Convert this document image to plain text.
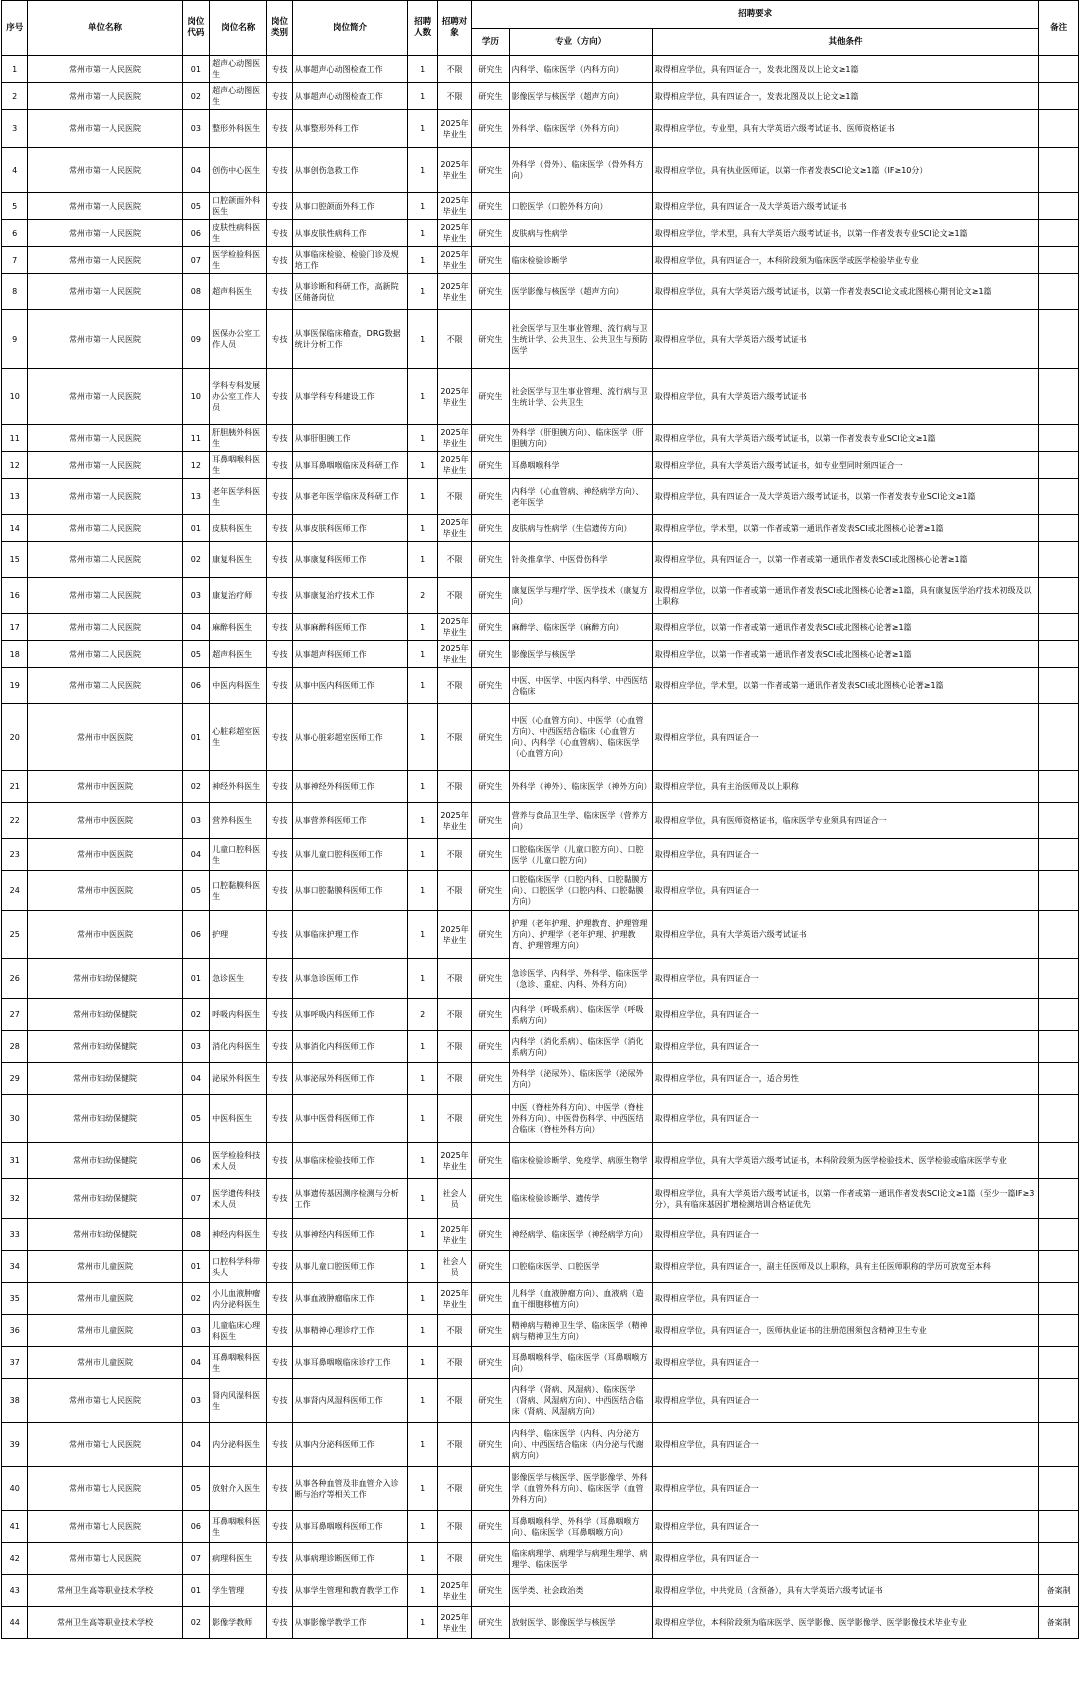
序号	单位名称	岗位代码	岗位名称	岗位类别	岗位简介	招聘人数	招聘对象	招聘要求			备注
								学历	专业（方向）	其他条件	
1	常州市第一人民医院	01	超声心动图医生	专技	从事超声心动图检查工作	1	不限	研究生	内科学、临床医学（内科方向）	取得相应学位，具有四证合一，发表北图及以上论文≥1篇	
2	常州市第一人民医院	02	超声心动图医生	专技	从事超声心动图检查工作	1	不限	研究生	影像医学与核医学（超声方向）	取得相应学位，具有四证合一，发表北图及以上论文≥1篇	
3	常州市第一人民医院	03	整形外科医生	专技	从事整形外科工作	1	2025年毕业生	研究生	外科学、临床医学（外科方向）	取得相应学位，专业型，具有大学英语六级考试证书、医师资格证书	
4	常州市第一人民医院	04	创伤中心医生	专技	从事创伤急救工作	1	2025年毕业生	研究生	外科学（骨外）、临床医学（骨外科方向）	取得相应学位，具有执业医师证，以第一作者发表SCI论文≥1篇（IF≥10分）	
5	常州市第一人民医院	05	口腔颌面外科医生	专技	从事口腔颌面外科工作	1	2025年毕业生	研究生	口腔医学（口腔外科方向）	取得相应学位，具有四证合一及大学英语六级考试证书	
6	常州市第一人民医院	06	皮肤性病科医生	专技	从事皮肤性病科工作	1	2025年毕业生	研究生	皮肤病与性病学	取得相应学位，学术型，具有大学英语六级考试证书，以第一作者发表专业SCI论文≥1篇	
7	常州市第一人民医院	07	医学检验科医生	专技	从事临床检验、检验门诊及规培工作	1	2025年毕业生	研究生	临床检验诊断学	取得相应学位，具有四证合一，本科阶段须为临床医学或医学检验毕业专业	
8	常州市第一人民医院	08	超声科医生	专技	从事诊断和科研工作，高新院区储备岗位	1	2025年毕业生	研究生	医学影像与核医学（超声方向）	取得相应学位，具有大学英语六级考试证书，以第一作者发表SCI论文或北图核心期刊论文≥1篇	
9	常州市第一人民医院	09	医保办公室工作人员	专技	从事医保临床稽查，DRG数据统计分析工作	1	不限	研究生	社会医学与卫生事业管理、流行病与卫生统计学、公共卫生、公共卫生与预防医学	取得相应学位，具有大学英语六级考试证书	
10	常州市第一人民医院	10	学科专科发展办公室工作人员	专技	从事学科专科建设工作	1	2025年毕业生	研究生	社会医学与卫生事业管理、流行病与卫生统计学、公共卫生	取得相应学位，具有大学英语六级考试证书	
11	常州市第一人民医院	11	肝胆胰外科医生	专技	从事肝胆胰工作	1	2025年毕业生	研究生	外科学（肝胆胰方向）、临床医学（肝胆胰方向）	取得相应学位，具有大学英语六级考试证书，以第一作者发表专业SCI论文≥1篇	
12	常州市第一人民医院	12	耳鼻咽喉科医生	专技	从事耳鼻咽喉临床及科研工作	1	2025年毕业生	研究生	耳鼻咽喉科学	取得相应学位，具有大学英语六级考试证书，如专业型同时须四证合一	
13	常州市第一人民医院	13	老年医学科医生	专技	从事老年医学临床及科研工作	1	不限	研究生	内科学（心血管病、神经病学方向）、老年医学	取得相应学位，具有四证合一及大学英语六级考试证书，以第一作者发表专业SCI论文≥1篇	
14	常州市第二人民医院	01	皮肤科医生	专技	从事皮肤科医师工作	1	2025年毕业生	研究生	皮肤病与性病学（生信遗传方向）	取得相应学位，学术型，以第一作者或第一通讯作者发表SCI或北图核心论著≥1篇	
15	常州市第二人民医院	02	康复科医生	专技	从事康复科医师工作	1	不限	研究生	针灸推拿学、中医骨伤科学	取得相应学位，具有四证合一，以第一作者或第一通讯作者发表SCI或北图核心论著≥1篇	
16	常州市第二人民医院	03	康复治疗师	专技	从事康复治疗技术工作	2	不限	研究生	康复医学与理疗学、医学技术（康复方向）	取得相应学位，以第一作者或第一通讯作者发表SCI或北图核心论著≥1篇，具有康复医学治疗技术初级及以上职称	
17	常州市第二人民医院	04	麻醉科医生	专技	从事麻醉科医师工作	1	2025年毕业生	研究生	麻醉学、临床医学（麻醉方向）	取得相应学位，以第一作者或第一通讯作者发表SCI或北图核心论著≥1篇	
18	常州市第二人民医院	05	超声科医生	专技	从事超声科医师工作	1	2025年毕业生	研究生	影像医学与核医学	取得相应学位，以第一作者或第一通讯作者发表SCI或北图核心论著≥1篇	
19	常州市第二人民医院	06	中医内科医生	专技	从事中医内科医师工作	1	不限	研究生	中医、中医学、中医内科学、中西医结合临床	取得相应学位，学术型，以第一作者或第一通讯作者发表SCI或北图核心论著≥1篇	
20	常州市中医医院	01	心脏彩超室医生	专技	从事心脏彩超室医师工作	1	不限	研究生	中医（心血管方向）、中医学（心血管方向）、中西医结合临床（心血管方向）、内科学（心血管病）、临床医学（心血管方向）	取得相应学位，具有四证合一	
21	常州市中医医院	02	神经外科医生	专技	从事神经外科医师工作	1	不限	研究生	外科学（神外）、临床医学（神外方向）	取得相应学位，具有主治医师及以上职称	
22	常州市中医医院	03	营养科医生	专技	从事营养科医师工作	1	2025年毕业生	研究生	营养与食品卫生学、临床医学（营养方向）	取得相应学位，具有医师资格证书，临床医学专业须具有四证合一	
23	常州市中医医院	04	儿童口腔科医生	专技	从事儿童口腔科医师工作	1	不限	研究生	口腔临床医学（儿童口腔方向）、口腔医学（儿童口腔方向）	取得相应学位，具有四证合一	
24	常州市中医医院	05	口腔黏膜科医生	专技	从事口腔黏膜科医师工作	1	不限	研究生	口腔临床医学（口腔内科、口腔黏膜方向）、口腔医学（口腔内科、口腔黏膜方向）	取得相应学位，具有四证合一	
25	常州市中医医院	06	护理	专技	从事临床护理工作	1	2025年毕业生	研究生	护理（老年护理、护理教育、护理管理方向）、护理学（老年护理、护理教育、护理管理方向）	取得相应学位，具有大学英语六级考试证书	
26	常州市妇幼保健院	01	急诊医生	专技	从事急诊医师工作	1	不限	研究生	急诊医学、内科学、外科学、临床医学（急诊、重症、内科、外科方向）	取得相应学位，具有四证合一	
27	常州市妇幼保健院	02	呼吸内科医生	专技	从事呼吸内科医师工作	2	不限	研究生	内科学（呼吸系病）、临床医学（呼吸系病方向）	取得相应学位，具有四证合一	
28	常州市妇幼保健院	03	消化内科医生	专技	从事消化内科医师工作	1	不限	研究生	内科学（消化系病）、临床医学（消化系病方向）	取得相应学位，具有四证合一	
29	常州市妇幼保健院	04	泌尿外科医生	专技	从事泌尿外科医师工作	1	不限	研究生	外科学（泌尿外）、临床医学（泌尿外方向）	取得相应学位，具有四证合一，适合男性	
30	常州市妇幼保健院	05	中医科医生	专技	从事中医骨科医师工作	1	不限	研究生	中医（脊柱外科方向）、中医学（脊柱外科方向）、中医骨伤科学、中西医结合临床（脊柱外科方向）	取得相应学位，具有四证合一	
31	常州市妇幼保健院	06	医学检验科技术人员	专技	从事临床检验技师工作	1	2025年毕业生	研究生	临床检验诊断学、免疫学、病原生物学	取得相应学位，具有大学英语六级考试证书，本科阶段须为医学检验技术、医学检验或临床医学专业	
32	常州市妇幼保健院	07	医学遗传科技术人员	专技	从事遗传基因测序检测与分析工作	1	社会人员	研究生	临床检验诊断学、遗传学	取得相应学位，具有大学英语六级考试证书，以第一作者或第一通讯作者发表SCI论文≥1篇（至少一篇IF≥3分），具有临床基因扩增检测培训合格证优先	
33	常州市妇幼保健院	08	神经内科医生	专技	从事神经内科医师工作	1	2025年毕业生	研究生	神经病学、临床医学（神经病学方向）	取得相应学位，具有四证合一	
34	常州市儿童医院	01	口腔科学科带头人	专技	从事儿童口腔医师工作	1	社会人员	研究生	口腔临床医学、口腔医学	取得相应学位，具有四证合一，副主任医师及以上职称，具有主任医师职称的学历可放宽至本科	
35	常州市儿童医院	02	小儿血液肿瘤内分泌科医生	专技	从事血液肿瘤临床工作	1	2025年毕业生	研究生	儿科学（血液肿瘤方向）、血液病（造血干细胞移植方向）	取得相应学位，具有四证合一	
36	常州市儿童医院	03	儿童临床心理科医生	专技	从事精神心理诊疗工作	1	不限	研究生	精神病与精神卫生学、临床医学（精神病与精神卫生方向）	取得相应学位，具有四证合一，医师执业证书的注册范围须包含精神卫生专业	
37	常州市儿童医院	04	耳鼻咽喉科医生	专技	从事耳鼻咽喉临床诊疗工作	1	不限	研究生	耳鼻咽喉科学、临床医学（耳鼻咽喉方向）	取得相应学位，具有四证合一	
38	常州市第七人民医院	03	肾内风湿科医生	专技	从事肾内风湿科医师工作	1	不限	研究生	内科学（肾病、风湿病）、临床医学（肾病、风湿病方向）、中西医结合临床（肾病、风湿病方向）	取得相应学位，具有四证合一	
39	常州市第七人民医院	04	内分泌科医生	专技	从事内分泌科医师工作	1	不限	研究生	内科学、临床医学（内科、内分泌方向）、中西医结合临床（内分泌与代谢病方向）	取得相应学位，具有四证合一	
40	常州市第七人民医院	05	放射介入医生	专技	从事各种血管及非血管介入诊断与治疗等相关工作	1	不限	研究生	影像医学与核医学、医学影像学、外科学（血管外科方向）、临床医学（血管外科方向）	取得相应学位，具有四证合一	
41	常州市第七人民医院	06	耳鼻咽喉科医生	专技	从事耳鼻咽喉科医师工作	1	不限	研究生	耳鼻咽喉科学、外科学（耳鼻咽喉方向）、临床医学（耳鼻咽喉方向）	取得相应学位，具有四证合一	
42	常州市第七人民医院	07	病理科医生	专技	从事病理诊断医师工作	1	不限	研究生	临床病理学、病理学与病理生理学、病理学、临床医学	取得相应学位，具有四证合一	
43	常州卫生高等职业技术学校	01	学生管理	专技	从事学生管理和教育教学工作	1	2025年毕业生	研究生	医学类、社会政治类	取得相应学位，中共党员（含预备），具有大学英语六级考试证书	备案制
44	常州卫生高等职业技术学校	02	影像学教师	专技	从事影像学教学工作	1	2025年毕业生	研究生	放射医学、影像医学与核医学	取得相应学位，本科阶段须为临床医学、医学影像、医学影像学、医学影像技术毕业专业	备案制
